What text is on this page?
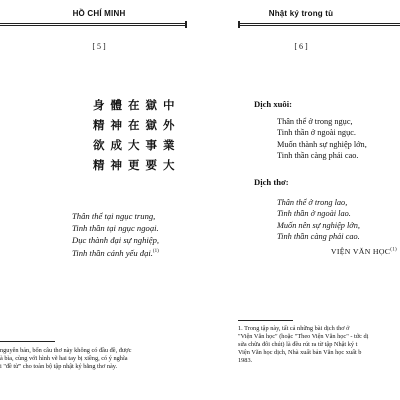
HỒ CHÍ MINH
[ 5 ]
身體在獄中
精神在獄外
欲成大事業
精神更要大
Thân thể tại ngục trung,
Tinh thần tại ngục ngoại.
Dục thành đại sự nghiệp,
Tinh thần cánh yếu đại.$^{(1)}$
nguyên bản, bốn câu thơ này không có đầu đề, được
à bìa, cùng với hình vẽ hai tay bị xiềng, có ý nghĩa
i "đề từ" cho toàn bộ tập nhật ký bằng thơ này.
Nhật ký trong tù
[ 6 ]
Dịch xuôi:
Thân thể ở trong ngục,
Tinh thần ở ngoài ngục.
Muốn thành sự nghiệp lớn,
Tinh thần càng phải cao.
Dịch thơ:
Thân thể ở trong lao,
Tinh thần ở ngoài lao.
Muốn nên sự nghiệp lớn,
Tinh thần càng phải cao.
VIỆN VĂN HỌC$^{(1)}$
1. Trong tập này, tất cả những bài dịch thơ ở
"Viện Văn học" (hoặc "Theo Viện Văn học" - tức dị
sửa chữa đôi chút) là đều rút ra từ tập Nhật ký t
Viện Văn học dịch, Nhà xuất bản Văn học xuất b
1983.
